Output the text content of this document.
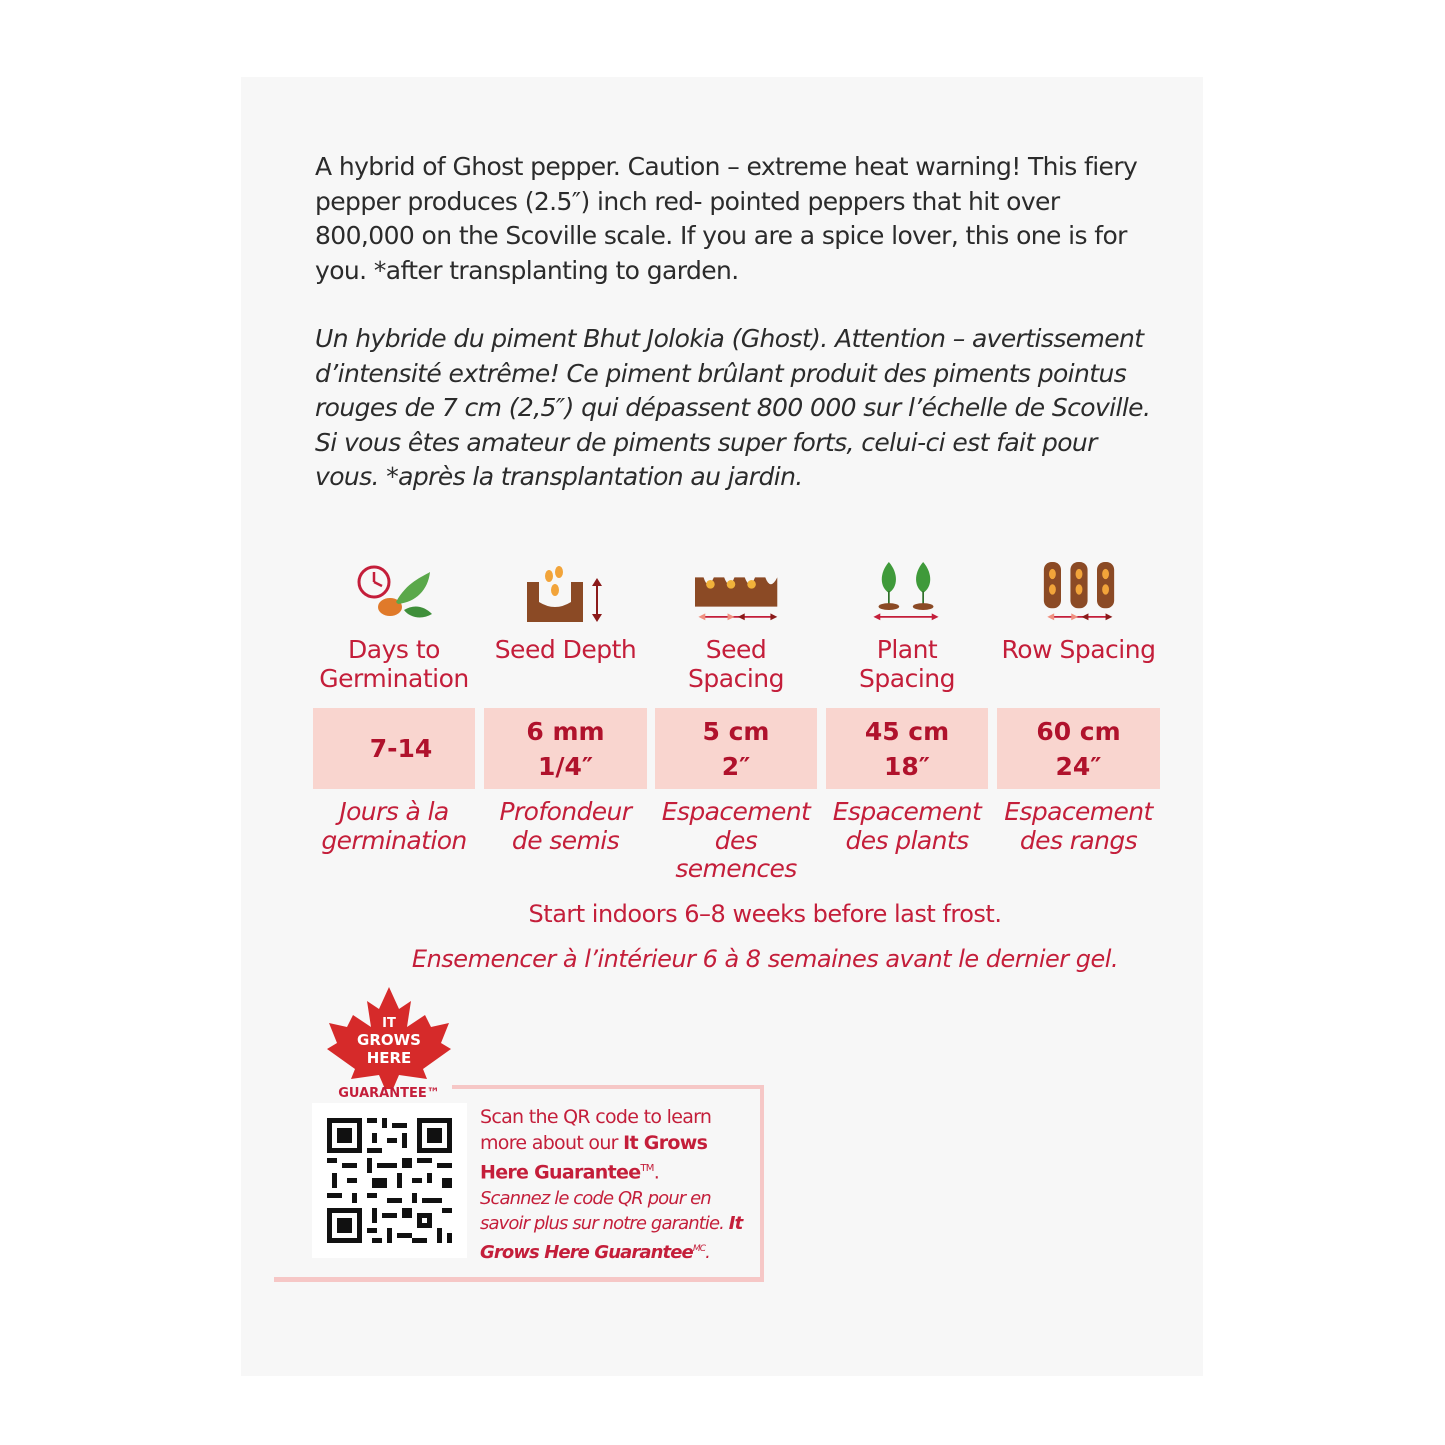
A hybrid of Ghost pepper. Caution – extreme heat warning! This fiery pepper produces (2.5″) inch red- pointed peppers that hit over 800,000 on the Scoville scale. If you are a spice lover, this one is for you. *after transplanting to garden.
Un hybride du piment Bhut Jolokia (Ghost). Attention – avertissement d’intensité extrême! Ce piment brûlant produit des piments pointus rouges de 7 cm (2,5″) qui dépassent 800 000 sur l’échelle de Scoville. Si vous êtes amateur de piments super forts, celui-ci est fait pour vous. *après la transplantation au jardin.
Days to Germination
Seed Depth	Seed Spacing
Plant Spacing
Row Spacing
7-14
6 mm
1/4″
5 cm
2″
45 cm
18″
60 cm
24″
Jours à la germination
Profondeur de semis
Espacement des semences
Espacement des plants
Espacement des rangs
Start indoors 6–8 weeks before last frost.
Ensemencer à l’intérieur 6 à 8 semaines avant le dernier gel.
IT
GROWS
HERE
GUARANTEE™
Scan the QR code to learn more about our It Grows Here Guarantee™.
Scannez le code QR pour en savoir plus sur notre garantie. It Grows Here Guarantee$^{MC}$.
